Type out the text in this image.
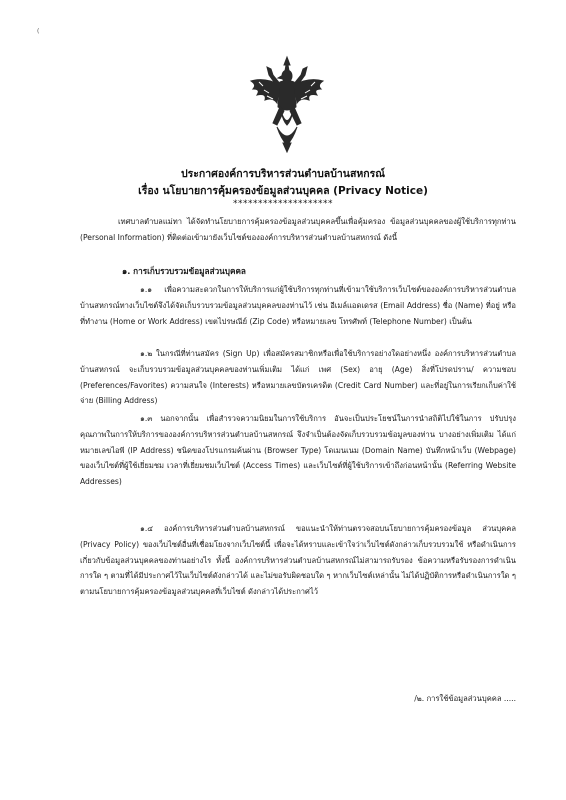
(
ประกาศองค์การบริหารส่วนตำบลบ้านสหกรณ์
เรื่อง นโยบายการคุ้มครองข้อมูลส่วนบุคคล (Privacy Notice)
********************
เทศบาลตำบลแม่ทา ได้จัดทำนโยบายการคุ้มครองข้อมูลส่วนบุคคลขึ้นเพื่อคุ้มครอง ข้อมูลส่วนบุคคลของผู้ใช้บริการทุกท่าน (Personal Information) ที่ติดต่อเข้ามายังเว็บไซต์ขององค์การบริหารส่วนตำบลบ้านสหกรณ์ ดังนี้
๑. การเก็บรวบรวมข้อมูลส่วนบุคคล
๑.๑ เพื่อความสะดวกในการให้บริการแก่ผู้ใช้บริการทุกท่านที่เข้ามาใช้บริการเว็บไซต์ขององค์การบริหารส่วนตำบลบ้านสหกรณ์ทางเว็บไซต์จึงได้จัดเก็บรวบรวมข้อมูลส่วนบุคคลของท่านไว้ เช่น อีเมล์แอดเดรส (Email Address) ชื่อ (Name) ที่อยู่ หรือ ที่ทำงาน (Home or Work Address) เขตไปรษณีย์ (Zip Code) หรือหมายเลข โทรศัพท์ (Telephone Number) เป็นต้น
๑.๒ ในกรณีที่ท่านสมัคร (Sign Up) เพื่อสมัครสมาชิกหรือเพื่อใช้บริการอย่างใดอย่างหนึ่ง องค์การบริหารส่วนตำบลบ้านสหกรณ์ จะเก็บรวบรวมข้อมูลส่วนบุคคลของท่านเพิ่มเติม ได้แก่ เพศ (Sex) อายุ (Age) สิ่งที่โปรดปราน/ ความชอบ (Preferences/Favorites) ความสนใจ (Interests) หรือหมายเลขบัตรเครดิต (Credit Card Number) และที่อยู่ในการเรียกเก็บค่าใช้จ่าย (Billing Address)
๑.๓ นอกจากนั้น เพื่อสำรวจความนิยมในการใช้บริการ อันจะเป็นประโยชน์ในการนำสถิติไปใช้ในการ ปรับปรุงคุณภาพในการให้บริการขององค์การบริหารส่วนตำบลบ้านสหกรณ์ จึงจำเป็นต้องจัดเก็บรวบรวมข้อมูลของท่าน บางอย่างเพิ่มเติม ได้แก่ หมายเลขไอพี (IP Address) ชนิดของโปรแกรมค้นผ่าน (Browser Type) โดเมนเนม (Domain Name) บันทึกหน้าเว็บ (Webpage) ของเว็บไซต์ที่ผู้ใช้เยี่ยมชม เวลาที่เยี่ยมชมเว็บไซต์ (Access Times) และเว็บไซต์ที่ผู้ใช้บริการเข้าถึงก่อนหน้านั้น (Referring Website Addresses)
๑.๔ องค์การบริหารส่วนตำบลบ้านสหกรณ์ ขอแนะนำให้ท่านตรวจสอบนโยบายการคุ้มครองข้อมูล ส่วนบุคคล (Privacy Policy) ของเว็บไซต์อื่นที่เชื่อมโยงจากเว็บไซต์นี้ เพื่อจะได้ทราบและเข้าใจว่าเว็บไซต์ดังกล่าวเก็บรวบรวมใช้ หรือดำเนินการเกี่ยวกับข้อมูลส่วนบุคคลของท่านอย่างไร ทั้งนี้ องค์การบริหารส่วนตำบลบ้านสหกรณ์ไม่สามารถรับรอง ข้อความหรือรับรองการดำเนินการใด ๆ ตามที่ได้มีประกาศไว้ในเว็บไซต์ดังกล่าวได้ และไม่ขอรับผิดชอบใด ๆ หากเว็บไซต์เหล่านั้น ไม่ได้ปฏิบัติการหรือดำเนินการใด ๆ ตามนโยบายการคุ้มครองข้อมูลส่วนบุคคลที่เว็บไซต์ ดังกล่าวได้ประกาศไว้
/๒. การใช้ข้อมูลส่วนบุคคล .....
